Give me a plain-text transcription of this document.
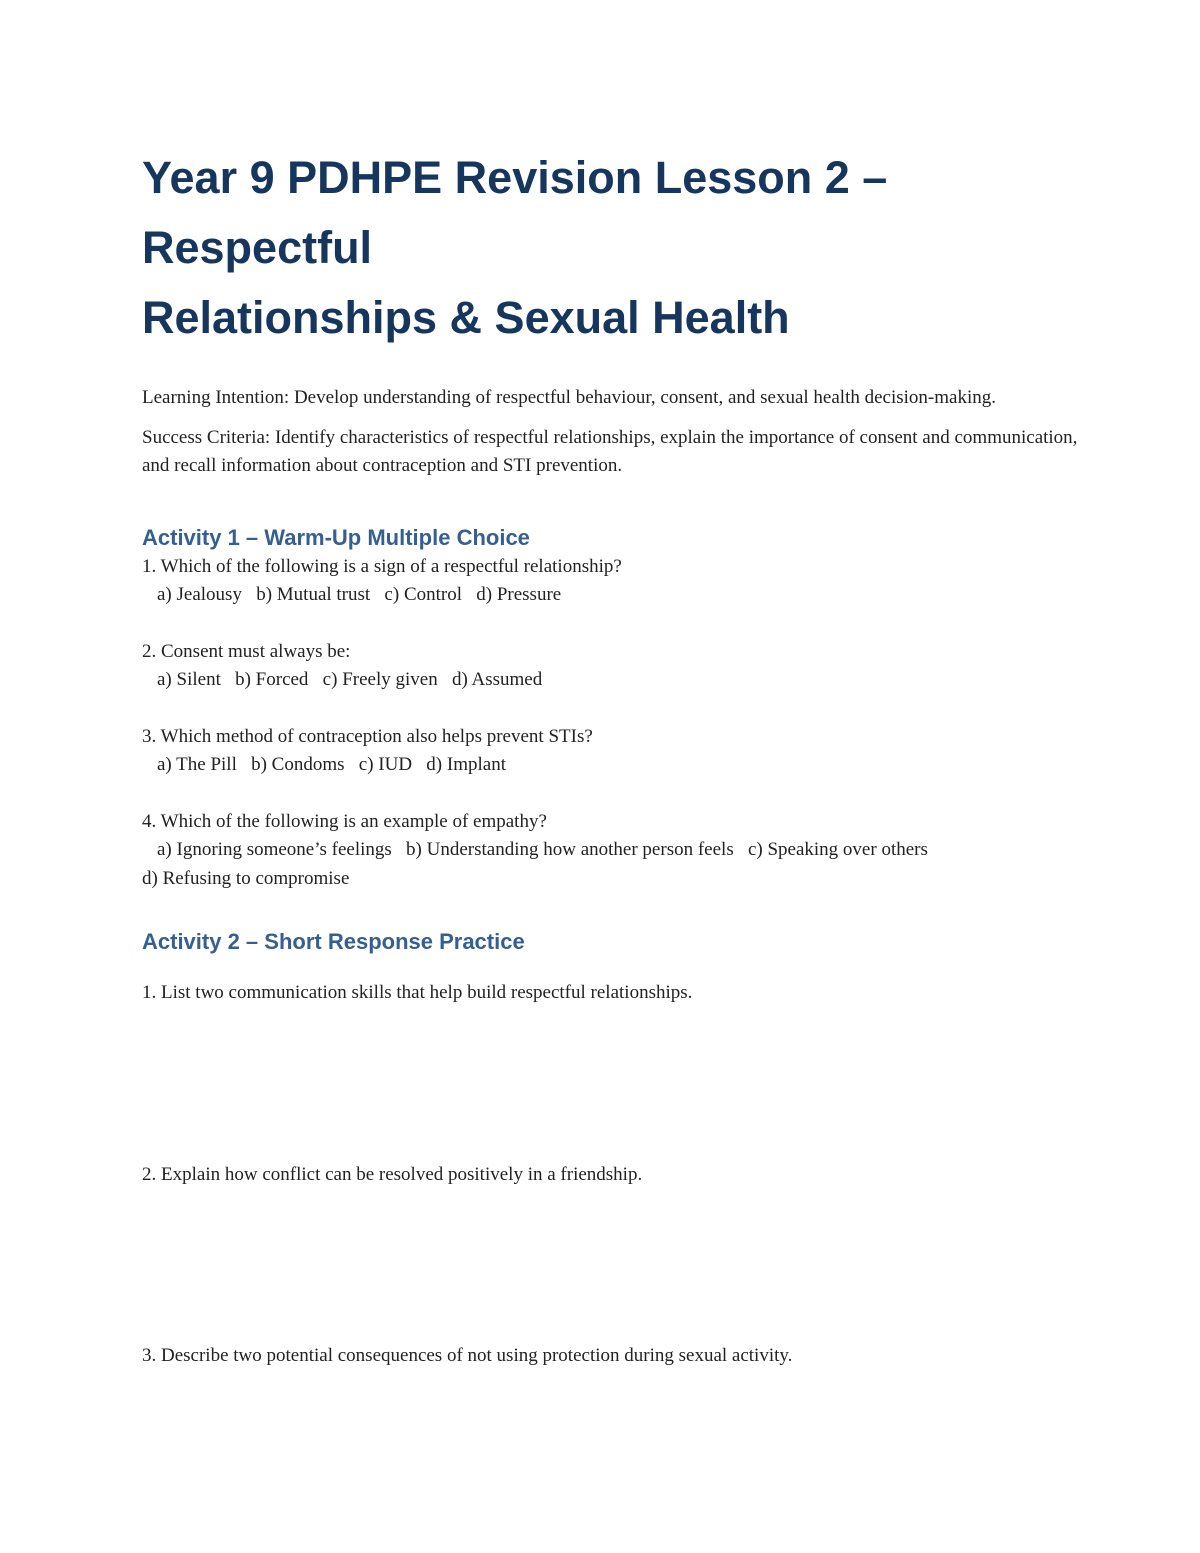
Year 9 PDHPE Revision Lesson 2 – Respectful
Relationships & Sexual Health

Learning Intention: Develop understanding of respectful behaviour, consent, and sexual health decision-making.

Success Criteria: Identify characteristics of respectful relationships, explain the importance of consent and communication, and recall information about contraception and STI prevention.

Activity 1 – Warm-Up Multiple Choice

1. Which of the following is a sign of a respectful relationship?

a) Jealousy   b) Mutual trust   c) Control   d) Pressure

2. Consent must always be:

a) Silent   b) Forced   c) Freely given   d) Assumed

3. Which method of contraception also helps prevent STIs?

a) The Pill   b) Condoms   c) IUD   d) Implant

4. Which of the following is an example of empathy?

a) Ignoring someone’s feelings   b) Understanding how another person feels   c) Speaking over others

d) Refusing to compromise

Activity 2 – Short Response Practice

1. List two communication skills that help build respectful relationships.

2. Explain how conflict can be resolved positively in a friendship.

3. Describe two potential consequences of not using protection during sexual activity.
